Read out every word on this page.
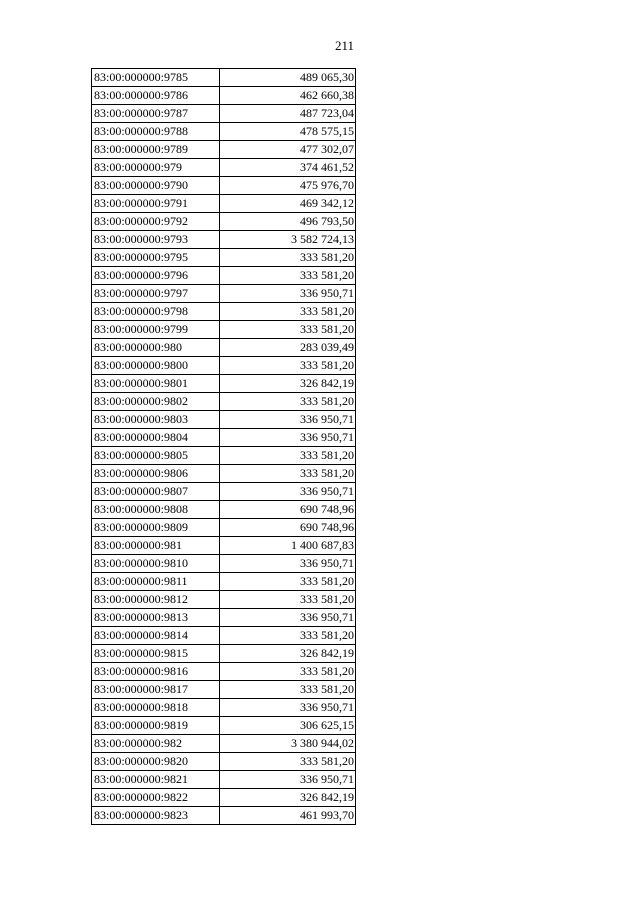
211
83:00:000000:9785	489 065,30
83:00:000000:9786	462 660,38
83:00:000000:9787	487 723,04
83:00:000000:9788	478 575,15
83:00:000000:9789	477 302,07
83:00:000000:979	374 461,52
83:00:000000:9790	475 976,70
83:00:000000:9791	469 342,12
83:00:000000:9792	496 793,50
83:00:000000:9793	3 582 724,13
83:00:000000:9795	333 581,20
83:00:000000:9796	333 581,20
83:00:000000:9797	336 950,71
83:00:000000:9798	333 581,20
83:00:000000:9799	333 581,20
83:00:000000:980	283 039,49
83:00:000000:9800	333 581,20
83:00:000000:9801	326 842,19
83:00:000000:9802	333 581,20
83:00:000000:9803	336 950,71
83:00:000000:9804	336 950,71
83:00:000000:9805	333 581,20
83:00:000000:9806	333 581,20
83:00:000000:9807	336 950,71
83:00:000000:9808	690 748,96
83:00:000000:9809	690 748,96
83:00:000000:981	1 400 687,83
83:00:000000:9810	336 950,71
83:00:000000:9811	333 581,20
83:00:000000:9812	333 581,20
83:00:000000:9813	336 950,71
83:00:000000:9814	333 581,20
83:00:000000:9815	326 842,19
83:00:000000:9816	333 581,20
83:00:000000:9817	333 581,20
83:00:000000:9818	336 950,71
83:00:000000:9819	306 625,15
83:00:000000:982	3 380 944,02
83:00:000000:9820	333 581,20
83:00:000000:9821	336 950,71
83:00:000000:9822	326 842,19
83:00:000000:9823	461 993,70
